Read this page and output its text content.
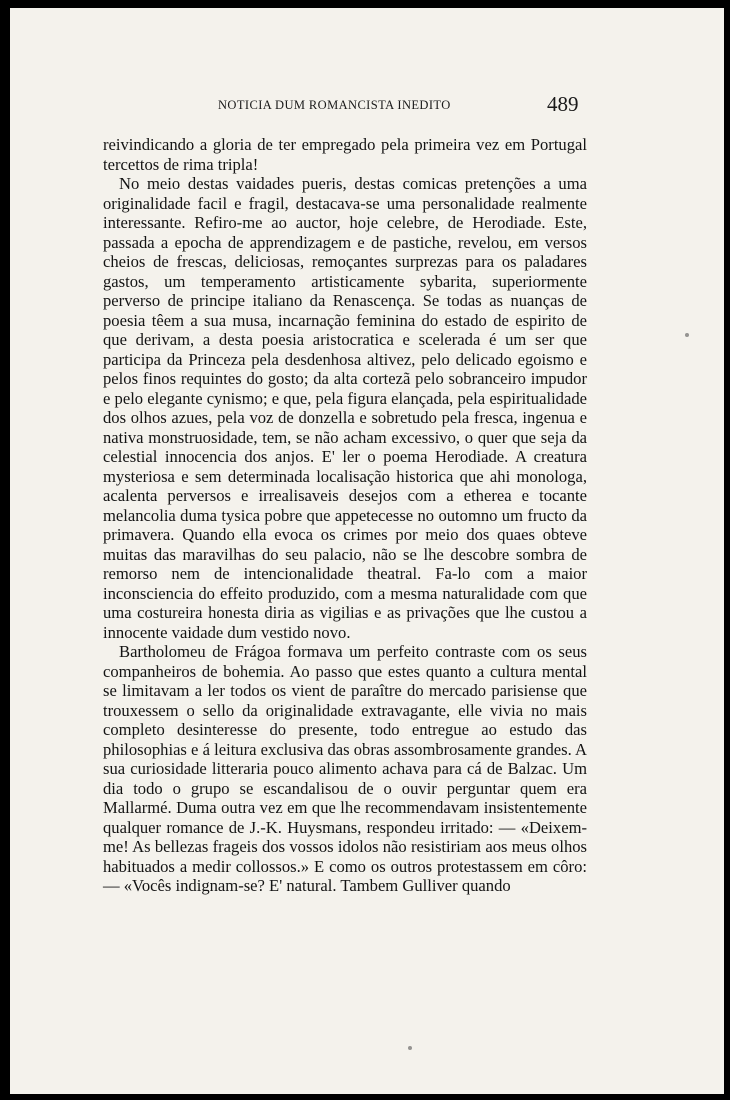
NOTICIA DUM ROMANCISTA INEDITO	489

reivindicando a gloria de ter empregado pela primeira vez em Portugal tercettos de rima tripla!

No meio destas vaidades pueris, destas comicas pretenções a uma originalidade facil e fragil, destacava-se uma personalidade realmente interessante. Refiro-me ao auctor, hoje celebre, de Herodiade. Este, passada a epocha de apprendizagem e de pastiche, revelou, em versos cheios de frescas, deliciosas, remoçantes surprezas para os paladares gastos, um temperamento artisticamente sybarita, superiormente perverso de principe italiano da Renascença. Se todas as nuanças de poesia têem a sua musa, incarnação feminina do estado de espirito de que derivam, a desta poesia aristocratica e scelerada é um ser que participa da Princeza pela desdenhosa altivez, pelo delicado egoismo e pelos finos requintes do gosto; da alta cortezã pelo sobranceiro impudor e pelo elegante cynismo; e que, pela figura elançada, pela espiritualidade dos olhos azues, pela voz de donzella e sobretudo pela fresca, ingenua e nativa monstruosidade, tem, se não acham excessivo, o quer que seja da celestial innocencia dos anjos. E' ler o poema Herodiade. A creatura mysteriosa e sem determinada localisação historica que ahi monologa, acalenta perversos e irrealisaveis desejos com a etherea e tocante melancolia duma tysica pobre que appetecesse no outomno um fructo da primavera. Quando ella evoca os crimes por meio dos quaes obteve muitas das maravilhas do seu palacio, não se lhe descobre sombra de remorso nem de intencionalidade theatral. Fa-lo com a maior inconsciencia do effeito produzido, com a mesma naturalidade com que uma costureira honesta diria as vigilias e as privações que lhe custou a innocente vaidade dum vestido novo.

Bartholomeu de Frágoa formava um perfeito contraste com os seus companheiros de bohemia. Ao passo que estes quanto a cultura mental se limitavam a ler todos os vient de paraître do mercado parisiense que trouxessem o sello da originalidade extravagante, elle vivia no mais completo desinteresse do presente, todo entregue ao estudo das philosophias e á leitura exclusiva das obras assombrosamente grandes. A sua curiosidade litteraria pouco alimento achava para cá de Balzac. Um dia todo o grupo se escandalisou de o ouvir perguntar quem era Mallarmé. Duma outra vez em que lhe recommendavam insistentemente qualquer romance de J.-K. Huysmans, respondeu irritado: — «Deixem-me! As bellezas frageis dos vossos idolos não resistiriam aos meus olhos habituados a medir collossos.» E como os outros protestassem em côro: — «Vocês indignam-se? E' natural. Tambem Gulliver quando
